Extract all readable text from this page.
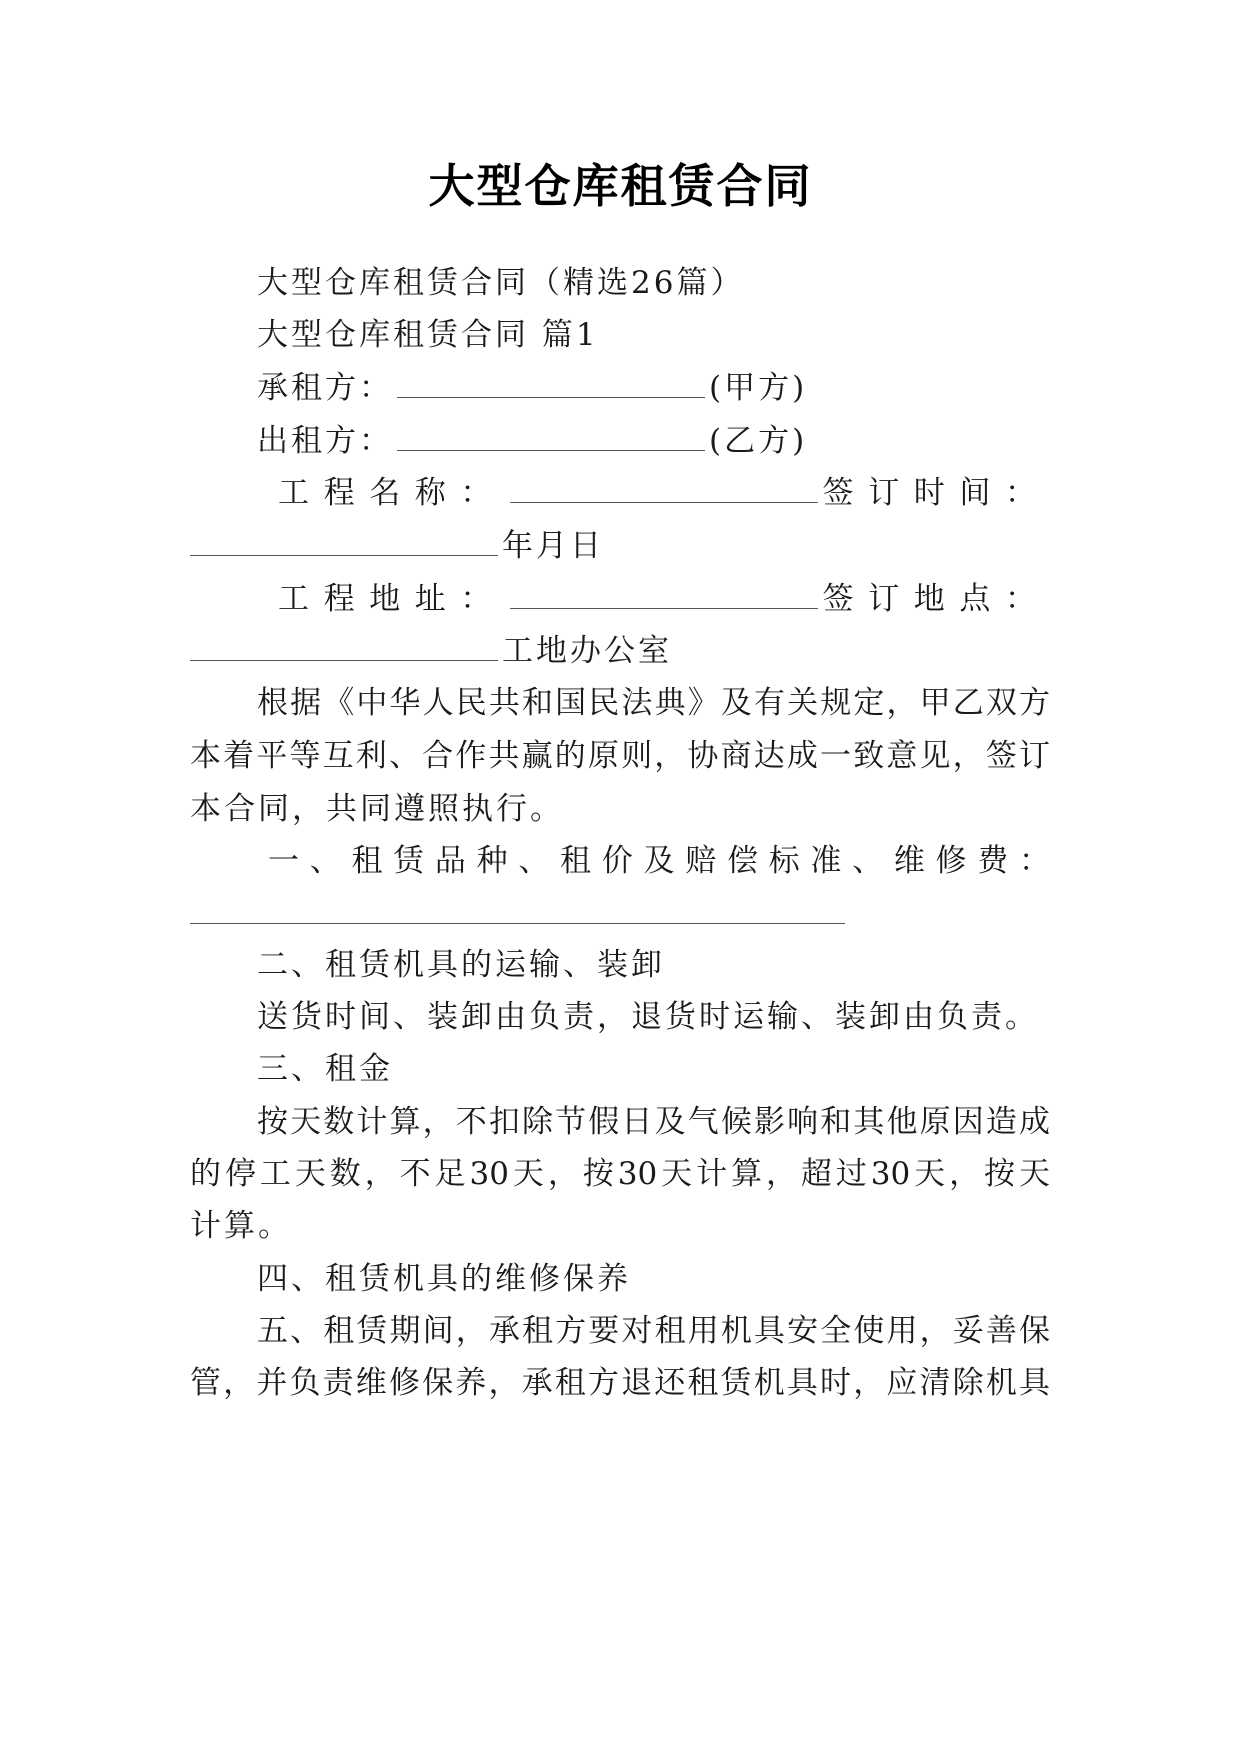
大型仓库租赁合同
大型仓库租赁合同（精选26篇）
大型仓库租赁合同 篇1
承租方：	(甲方)
出租方：	(乙方)
工程名称：	签订时间：
年月日
工程地址：	签订地点：
工地办公室
根据《中华人民共和国民法典》及有关规定，甲乙双方
本着平等互利、合作共赢的原则，协商达成一致意见，签订
本合同，共同遵照执行。
一、租赁品种、租价及赔偿标准、维修费：
二、租赁机具的运输、装卸
送货时间、装卸由负责，退货时运输、装卸由负责。
三、租金
按天数计算，不扣除节假日及气候影响和其他原因造成
的停工天数，不足30天，按30天计算，超过30天，按天
计算。
四、租赁机具的维修保养
五、租赁期间，承租方要对租用机具安全使用，妥善保
管，并负责维修保养，承租方退还租赁机具时，应清除机具
